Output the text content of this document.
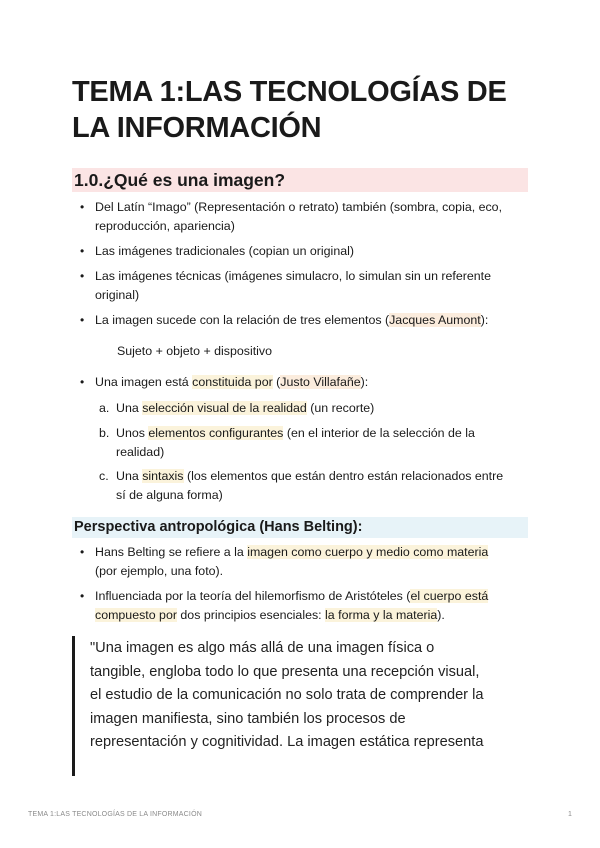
TEMA 1:LAS TECNOLOGÍAS DE
LA INFORMACIÓN
1.0.¿Qué es una imagen?
• Del Latín “Imago” (Representación o retrato) también (sombra, copia, eco,
reproducción, apariencia)
• Las imágenes tradicionales (copian un original)
• Las imágenes técnicas (imágenes simulacro, lo simulan sin un referente
original)
• La imagen sucede con la relación de tres elementos (Jacques Aumont):
Sujeto + objeto + dispositivo
• Una imagen está constituida por (Justo Villafañe):
a. Una selección visual de la realidad (un recorte)
b. Unos elementos configurantes (en el interior de la selección de la
realidad)
c. Una sintaxis (los elementos que están dentro están relacionados entre
sí de alguna forma)
Perspectiva antropológica (Hans Belting):
• Hans Belting se refiere a la imagen como cuerpo y medio como materia
(por ejemplo, una foto).
• Influenciada por la teoría del hilemorfismo de Aristóteles (el cuerpo está
compuesto por dos principios esenciales: la forma y la materia).
"Una imagen es algo más allá de una imagen física o
tangible, engloba todo lo que presenta una recepción visual,
el estudio de la comunicación no solo trata de comprender la
imagen manifiesta, sino también los procesos de
representación y cognitividad. La imagen estática representa
TEMA 1:LAS TECNOLOGÍAS DE LA INFORMACIÓN	1
